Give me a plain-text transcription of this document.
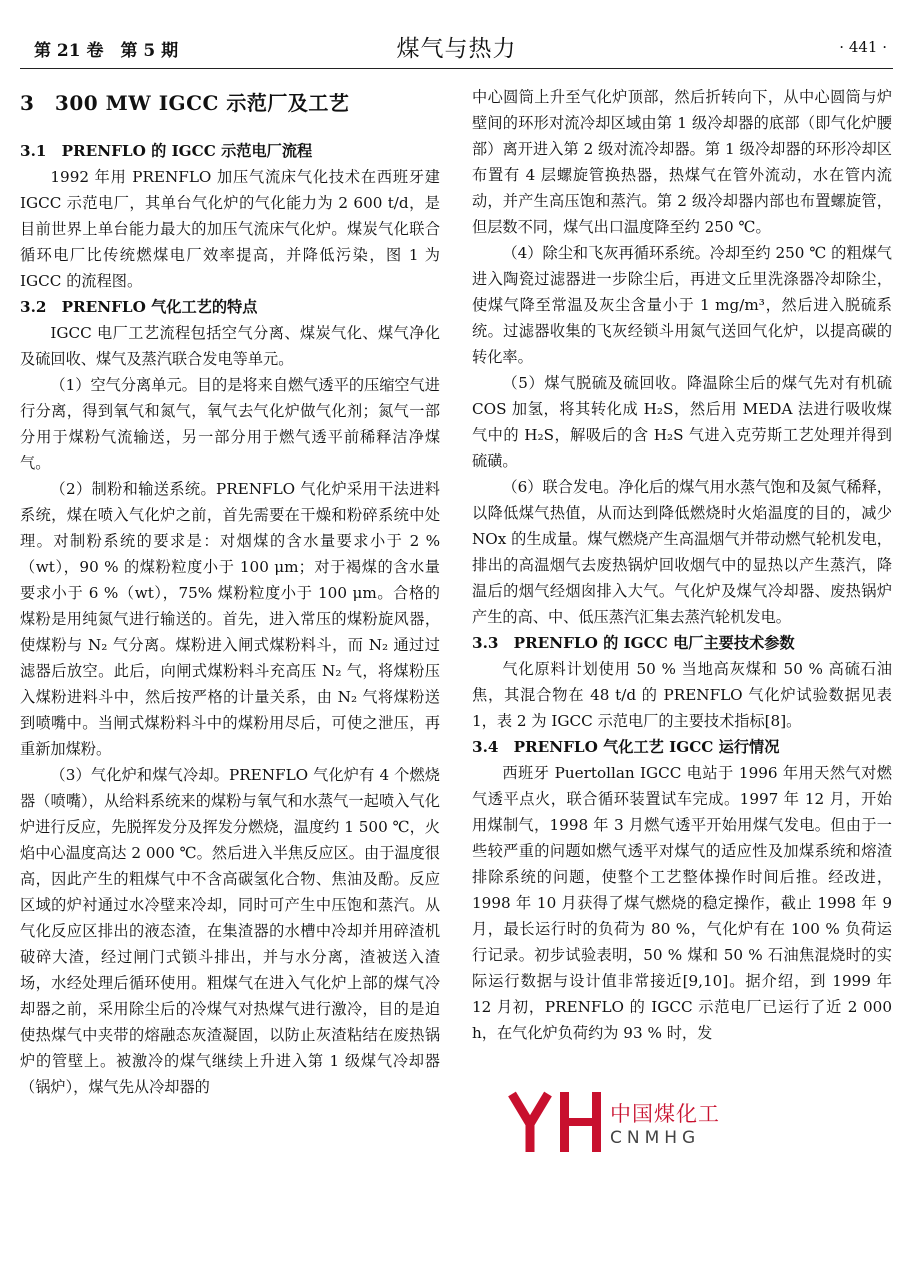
第 21 卷　第 5 期	煤气与热力	· 441 ·
3　300 MW IGCC 示范厂及工艺
3.1　PRENFLO 的 IGCC 示范电厂流程

1992 年用 PRENFLO 加压气流床气化技术在西班牙建 IGCC 示范电厂，其单台气化炉的气化能力为 2 600 t/d，是目前世界上单台能力最大的加压气流床气化炉。煤炭气化联合循环电厂比传统燃煤电厂效率提高，并降低污染，图 1 为 IGCC 的流程图。

3.2　PRENFLO 气化工艺的特点

IGCC 电厂工艺流程包括空气分离、煤炭气化、煤气净化及硫回收、煤气及蒸汽联合发电等单元。

（1）空气分离单元。目的是将来自燃气透平的压缩空气进行分离，得到氧气和氮气，氧气去气化炉做气化剂；氮气一部分用于煤粉气流输送，另一部分用于燃气透平前稀释洁净煤气。

（2）制粉和输送系统。PRENFLO 气化炉采用干法进料系统，煤在喷入气化炉之前，首先需要在干燥和粉碎系统中处理。对制粉系统的要求是：对烟煤的含水量要求小于 2 %（wt），90 % 的煤粉粒度小于 100 μm；对于褐煤的含水量要求小于 6 %（wt），75% 煤粉粒度小于 100 μm。合格的煤粉是用纯氮气进行输送的。首先，进入常压的煤粉旋风器，使煤粉与 N₂ 气分离。煤粉进入闸式煤粉料斗，而 N₂ 通过过滤器后放空。此后，向闸式煤粉料斗充高压 N₂ 气，将煤粉压入煤粉进料斗中，然后按严格的计量关系，由 N₂ 气将煤粉送到喷嘴中。当闸式煤粉料斗中的煤粉用尽后，可使之泄压，再重新加煤粉。

（3）气化炉和煤气冷却。PRENFLO 气化炉有 4 个燃烧器（喷嘴），从给料系统来的煤粉与氧气和水蒸气一起喷入气化炉进行反应，先脱挥发分及挥发分燃烧，温度约 1 500 ℃，火焰中心温度高达 2 000 ℃。然后进入半焦反应区。由于温度很高，因此产生的粗煤气中不含高碳氢化合物、焦油及酚。反应区域的炉衬通过水冷壁来冷却，同时可产生中压饱和蒸汽。从气化反应区排出的液态渣，在集渣器的水槽中冷却并用碎渣机破碎大渣，经过闸门式锁斗排出，并与水分离，渣被送入渣场，水经处理后循环使用。粗煤气在进入气化炉上部的煤气冷却器之前，采用除尘后的冷煤气对热煤气进行激冷，目的是迫使热煤气中夹带的熔融态灰渣凝固，以防止灰渣粘结在废热锅炉的管壁上。被激冷的煤气继续上升进入第 1 级煤气冷却器（锅炉），煤气先从冷却器的

中心圆筒上升至气化炉顶部，然后折转向下，从中心圆筒与炉壁间的环形对流冷却区域由第 1 级冷却器的底部（即气化炉腰部）离开进入第 2 级对流冷却器。第 1 级冷却器的环形冷却区布置有 4 层螺旋管换热器，热煤气在管外流动，水在管内流动，并产生高压饱和蒸汽。第 2 级冷却器内部也布置螺旋管，但层数不同，煤气出口温度降至约 250 ℃。

（4）除尘和飞灰再循环系统。冷却至约 250 ℃ 的粗煤气进入陶瓷过滤器进一步除尘后，再进文丘里洗涤器冷却除尘，使煤气降至常温及灰尘含量小于 1 mg/m³，然后进入脱硫系统。过滤器收集的飞灰经锁斗用氮气送回气化炉，以提高碳的转化率。

（5）煤气脱硫及硫回收。降温除尘后的煤气先对有机硫 COS 加氢，将其转化成 H₂S，然后用 MEDA 法进行吸收煤气中的 H₂S，解吸后的含 H₂S 气进入克劳斯工艺处理并得到硫磺。

（6）联合发电。净化后的煤气用水蒸气饱和及氮气稀释，以降低煤气热值，从而达到降低燃烧时火焰温度的目的，减少 NOx 的生成量。煤气燃烧产生高温烟气并带动燃气轮机发电，排出的高温烟气去废热锅炉回收烟气中的显热以产生蒸汽，降温后的烟气经烟囱排入大气。气化炉及煤气冷却器、废热锅炉产生的高、中、低压蒸汽汇集去蒸汽轮机发电。

3.3　PRENFLO 的 IGCC 电厂主要技术参数

气化原料计划使用 50 % 当地高灰煤和 50 % 高硫石油焦，其混合物在 48 t/d 的 PRENFLO 气化炉试验数据见表 1，表 2 为 IGCC 示范电厂的主要技术指标[8]。

3.4　PRENFLO 气化工艺 IGCC 运行情况

西班牙 Puertollan IGCC 电站于 1996 年用天然气对燃气透平点火，联合循环装置试车完成。1997 年 12 月，开始用煤制气，1998 年 3 月燃气透平开始用煤气发电。但由于一些较严重的问题如燃气透平对煤气的适应性及加煤系统和熔渣排除系统的问题，使整个工艺整体操作时间后推。经改进，1998 年 10 月获得了煤气燃烧的稳定操作，截止 1998 年 9 月，最长运行时的负荷为 80 %，气化炉有在 100 % 负荷运行记录。初步试验表明，50 % 煤和 50 % 石油焦混烧时的实际运行数据与设计值非常接近[9,10]。据介绍，到 1999 年 12 月初，PRENFLO 的 IGCC 示范电厂已运行了近 2 000 h，在气化炉负荷约为 93 % 时，发

中国煤化工
CNMHG
